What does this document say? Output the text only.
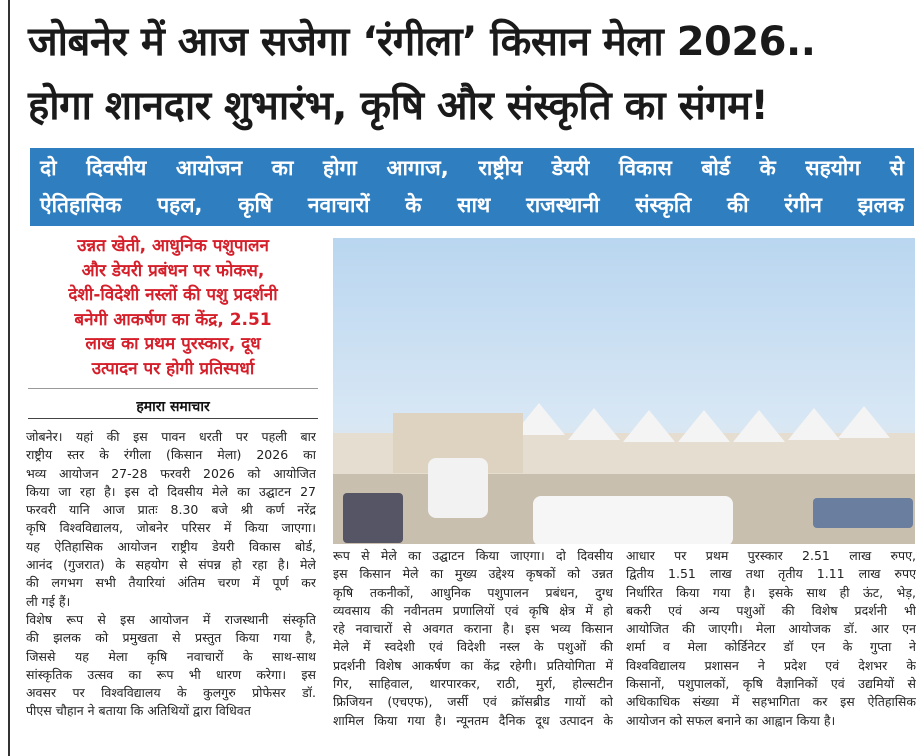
जोबनेर में आज सजेगा ‘रंगीला’ किसान मेला 2026..
होगा शानदार शुभारंभ, कृषि और संस्कृति का संगम!
दो दिवसीय आयोजन का होगा आगाज, राष्ट्रीय डेयरी विकास बोर्ड के सहयोग से
ऐतिहासिक पहल, कृषि नवाचारों के साथ राजस्थानी संस्कृति की रंगीन झलक
उन्नत खेती, आधुनिक पशुपालन
और डेयरी प्रबंधन पर फोकस,
देशी-विदेशी नस्लों की पशु प्रदर्शनी
बनेगी आकर्षण का केंद्र, 2.51
लाख का प्रथम पुरस्कार, दूध
उत्पादन पर होगी प्रतिस्पर्धा
हमारा समाचार
जोबनेर। यहां की इस पावन धरती पर पहली बार
राष्ट्रीय स्तर के रंगीला (किसान मेला) 2026 का
भव्य आयोजन 27-28 फरवरी 2026 को आयोजित
किया जा रहा है। इस दो दिवसीय मेले का उद्घाटन 27
फरवरी यानि आज प्रातः 8.30 बजे श्री कर्ण नरेंद्र
कृषि विश्वविद्यालय, जोबनेर परिसर में किया जाएगा।
यह ऐतिहासिक आयोजन राष्ट्रीय डेयरी विकास बोर्ड,
आनंद (गुजरात) के सहयोग से संपन्न हो रहा है। मेले
की लगभग सभी तैयारियां अंतिम चरण में पूर्ण कर
ली गई हैं।
विशेष रूप से इस आयोजन में राजस्थानी संस्कृति
की झलक को प्रमुखता से प्रस्तुत किया गया है,
जिससे यह मेला कृषि नवाचारों के साथ-साथ
सांस्कृतिक उत्सव का रूप भी धारण करेगा। इस
अवसर पर विश्वविद्यालय के कुलगुरु प्रोफेसर डॉ.
पीएस चौहान ने बताया कि अतिथियों द्वारा विधिवत
रूप से मेले का उद्घाटन किया जाएगा। दो दिवसीय
इस किसान मेले का मुख्य उद्देश्य कृषकों को उन्नत
कृषि तकनीकों, आधुनिक पशुपालन प्रबंधन, दुग्ध
व्यवसाय की नवीनतम प्रणालियों एवं कृषि क्षेत्र में हो
रहे नवाचारों से अवगत कराना है। इस भव्य किसान
मेले में स्वदेशी एवं विदेशी नस्ल के पशुओं की
प्रदर्शनी विशेष आकर्षण का केंद्र रहेगी। प्रतियोगिता में
गिर, साहिवाल, थारपारकर, राठी, मुर्रा, होल्सटीन
फ्रिजियन (एचएफ), जर्सी एवं क्रॉसब्रीड गायों को
शामिल किया गया है। न्यूनतम दैनिक दूध उत्पादन के
आधार पर प्रथम पुरस्कार 2.51 लाख रुपए,
द्वितीय 1.51 लाख तथा तृतीय 1.11 लाख रुपए
निर्धारित किया गया है। इसके साथ ही ऊंट, भेड़,
बकरी एवं अन्य पशुओं की विशेष प्रदर्शनी भी
आयोजित की जाएगी। मेला आयोजक डॉ. आर एन
शर्मा व मेला कोर्डिनेटर डॉ एन के गुप्ता ने
विश्वविद्यालय प्रशासन ने प्रदेश एवं देशभर के
किसानों, पशुपालकों, कृषि वैज्ञानिकों एवं उद्यमियों से
अधिकाधिक संख्या में सहभागिता कर इस ऐतिहासिक
आयोजन को सफल बनाने का आह्वान किया है।
